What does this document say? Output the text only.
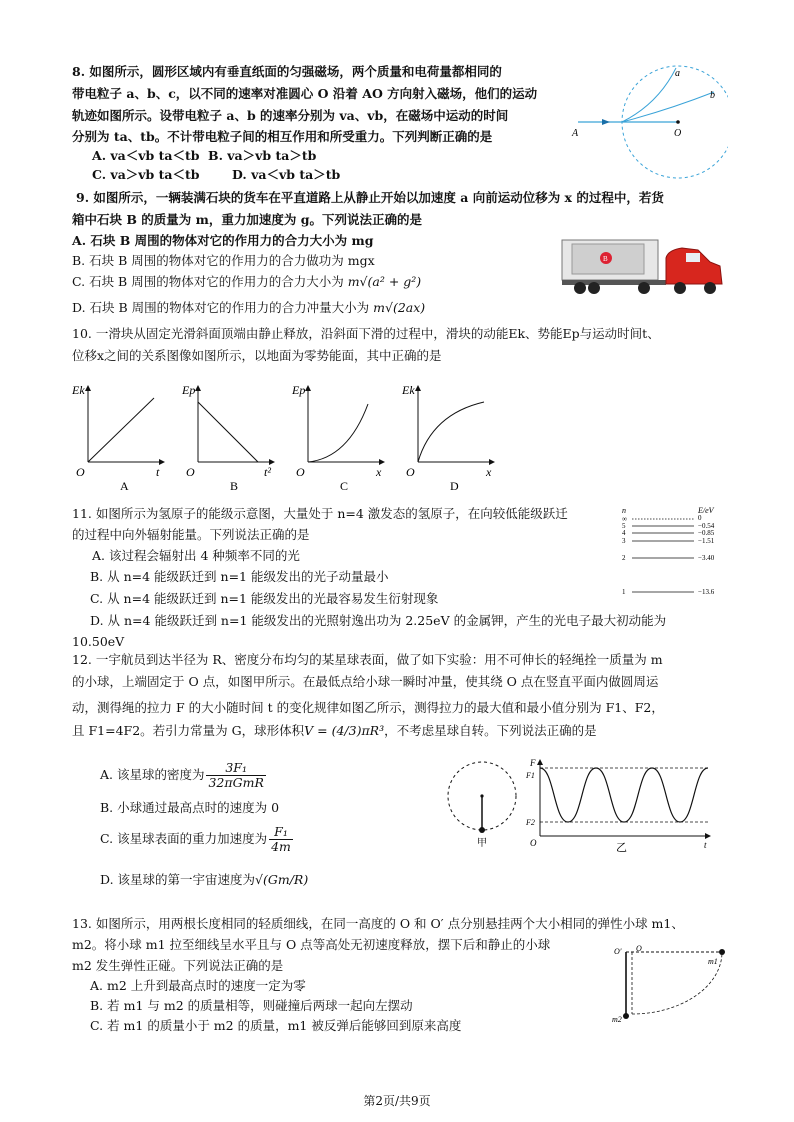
8. 如图所示，圆形区域内有垂直纸面的匀强磁场，两个质量和电荷量都相同的
带电粒子 a、b、c，以不同的速率对准圆心 O 沿着 AO 方向射入磁场，他们的运动
轨迹如图所示。设带电粒子 a、b 的速率分别为 va、vb，在磁场中运动的时间
分别为 ta、tb。不计带电粒子间的相互作用和所受重力。下列判断正确的是
A. va＜vb ta＜tb B. va＞vb ta＞tb
C. va＞vb ta＜tb	D. va＜vb ta＞tb
a
b
A	O
9. 如图所示，一辆装满石块的货车在平直道路上从静止开始以加速度 a 向前运动位移为 x 的过程中，若货
箱中石块 B 的质量为 m，重力加速度为 g。下列说法正确的是
A. 石块 B 周围的物体对它的作用力的合力大小为 mg
B. 石块 B 周围的物体对它的作用力的合力做功为 mgx
C. 石块 B 周围的物体对它的作用力的合力大小为 m√(a² + g²)
D. 石块 B 周围的物体对它的作用力的合力冲量大小为 m√(2ax)
B
10. 一滑块从固定光滑斜面顶端由静止释放，沿斜面下滑的过程中，滑块的动能Ek、势能Ep与运动时间t、
位移x之间的关系图像如图所示，以地面为零势能面，其中正确的是
Ek
t
O
A
Ep
t²
O
B
Ep
x
O
C
Ek
x
O
D
11. 如图所示为氢原子的能级示意图，大量处于 n=4 激发态的氢原子，在向较低能级跃迁
的过程中向外辐射能量。下列说法正确的是
A. 该过程会辐射出 4 种频率不同的光
B. 从 n=4 能级跃迁到 n=1 能级发出的光子动量最小
C. 从 n=4 能级跃迁到 n=1 能级发出的光最容易发生衍射现象
D. 从 n=4 能级跃迁到 n=1 能级发出的光照射逸出功为 2.25eV 的金属钾，产生的光电子最大初动能为
10.50eV
n	E/eV
∞	0
5	−0.54
4	−0.85
3	−1.51
2	−3.40
1	−13.6
12. 一宇航员到达半径为 R、密度分布均匀的某星球表面，做了如下实验：用不可伸长的轻绳拴一质量为 m
的小球，上端固定于 O 点，如图甲所示。在最低点给小球一瞬时冲量，使其绕 O 点在竖直平面内做圆周运
动，测得绳的拉力 F 的大小随时间 t 的变化规律如图乙所示，测得拉力的最大值和最小值分别为 F1、F2，
且 F1=4F2。若引力常量为 G，球形体积V = (4/3)πR³，不考虑星球自转。下列说法正确的是
A. 该星球的密度为 $\frac{\text{3F₁}}{\text{32πGmR}}$
B. 小球通过最高点时的速度为 0
C. 该星球表面的重力加速度为 $\frac{\text{F₁}}{4m}$
D. 该星球的第一宇宙速度为√(Gm/R)
甲
F
F1
F2
O	t
乙
13. 如图所示，用两根长度相同的轻质细线，在同一高度的 O 和 O′ 点分别悬挂两个大小相同的弹性小球 m1、
m2。将小球 m1 拉至细线呈水平且与 O 点等高处无初速度释放，摆下后和静止的小球
m2 发生弹性正碰。下列说法正确的是
A. m2 上升到最高点时的速度一定为零
B. 若 m1 与 m2 的质量相等，则碰撞后两球一起向左摆动
C. 若 m1 的质量小于 m2 的质量，m1 被反弹后能够回到原来高度
O′ O
m1
m2
第2页/共9页
